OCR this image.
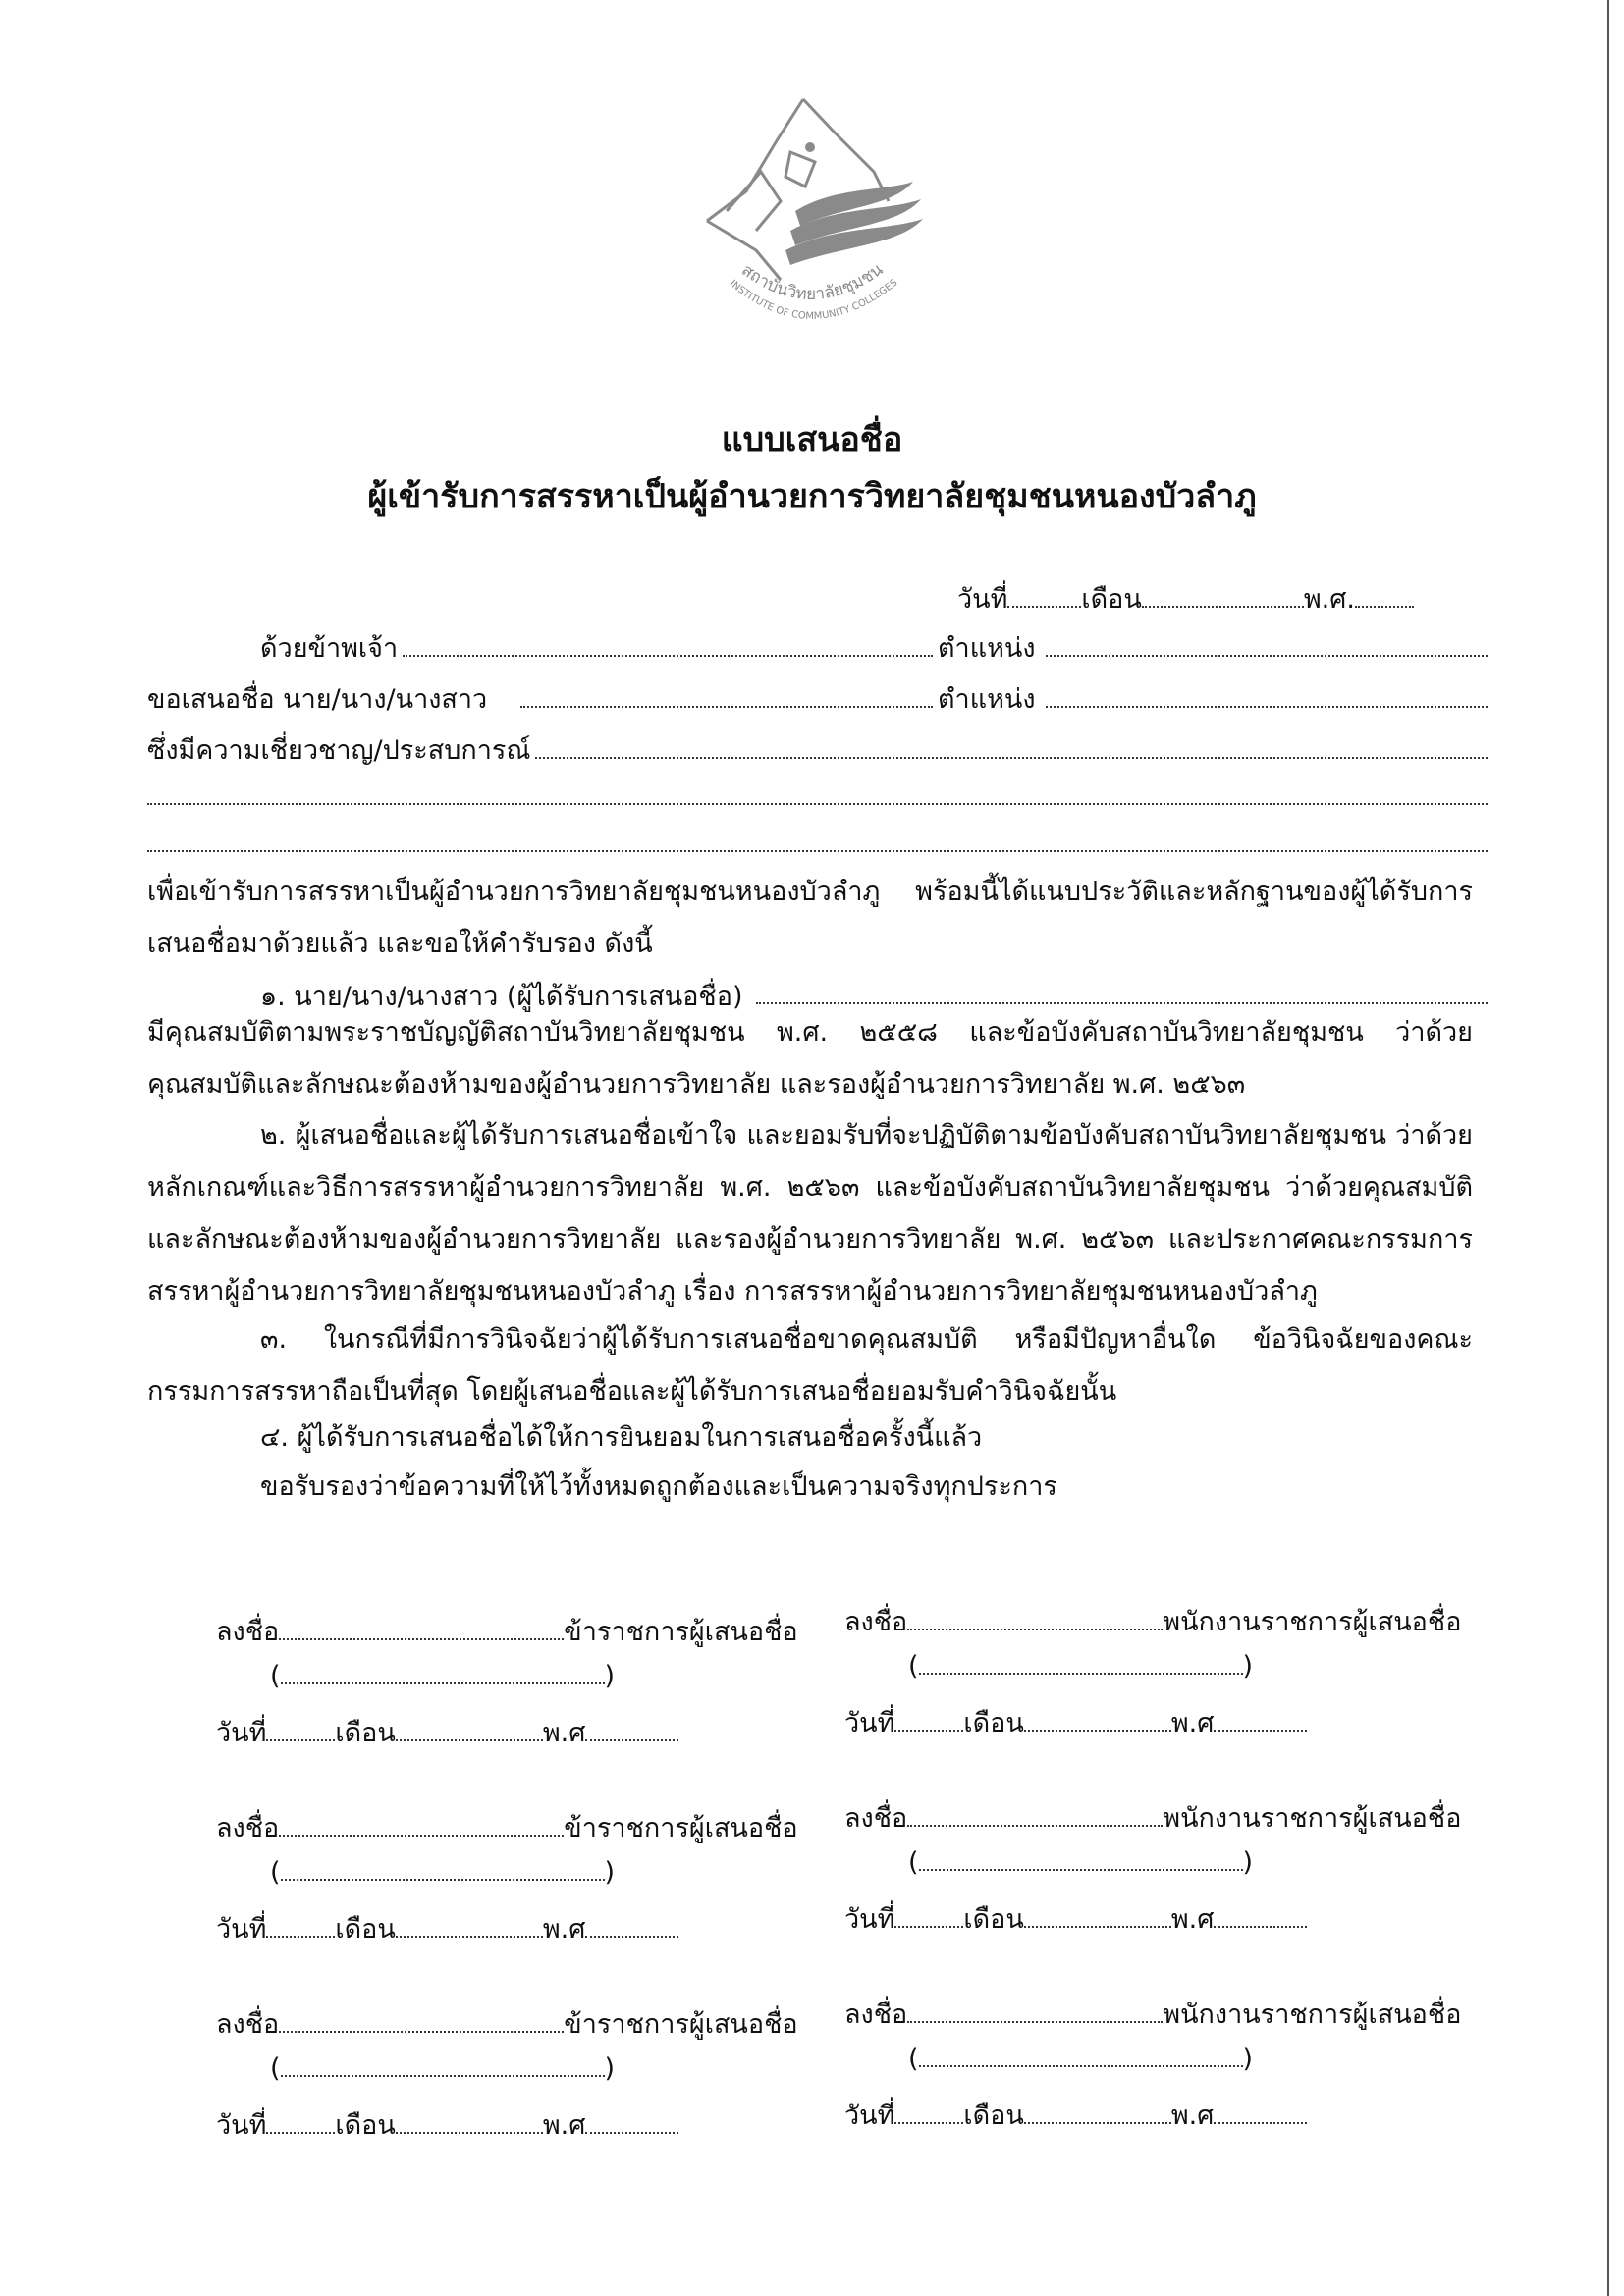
สถาบันวิทยาลัยชุมชน
INSTITUTE OF COMMUNITY COLLEGES
แบบเสนอชื่อ
ผู้เข้ารับการสรรหาเป็นผู้อำนวยการวิทยาลัยชุมชนหนองบัวลำภู
วันที่	เดือน	พ.ศ.
ด้วยข้าพเจ้า	ตำแหน่ง
ขอเสนอชื่อ นาย/นาง/นางสาว	ตำแหน่ง
ซึ่งมีความเชี่ยวชาญ/ประสบการณ์
เพื่อเข้ารับการสรรหาเป็นผู้อำนวยการวิทยาลัยชุมชนหนองบัวลำภู พร้อมนี้ได้แนบประวัติและหลักฐานของผู้ได้รับการเสนอชื่อมาด้วยแล้ว และขอให้คำรับรอง ดังนี้
๑. นาย/นาง/นางสาว (ผู้ได้รับการเสนอชื่อ)
มีคุณสมบัติตามพระราชบัญญัติสถาบันวิทยาลัยชุมชน พ.ศ. ๒๕๕๘ และข้อบังคับสถาบันวิทยาลัยชุมชน ว่าด้วยคุณสมบัติและลักษณะต้องห้ามของผู้อำนวยการวิทยาลัย และรองผู้อำนวยการวิทยาลัย พ.ศ. ๒๕๖๓
๒. ผู้เสนอชื่อและผู้ได้รับการเสนอชื่อเข้าใจ และยอมรับที่จะปฏิบัติตามข้อบังคับสถาบันวิทยาลัยชุมชน ว่าด้วยหลักเกณฑ์และวิธีการสรรหาผู้อำนวยการวิทยาลัย พ.ศ. ๒๕๖๓ และข้อบังคับสถาบันวิทยาลัยชุมชน ว่าด้วยคุณสมบัติและลักษณะต้องห้ามของผู้อำนวยการวิทยาลัย และรองผู้อำนวยการวิทยาลัย พ.ศ. ๒๕๖๓ และประกาศคณะกรรมการสรรหาผู้อำนวยการวิทยาลัยชุมชนหนองบัวลำภู เรื่อง การสรรหาผู้อำนวยการวิทยาลัยชุมชนหนองบัวลำภู
๓. ในกรณีที่มีการวินิจฉัยว่าผู้ได้รับการเสนอชื่อขาดคุณสมบัติ หรือมีปัญหาอื่นใด ข้อวินิจฉัยของคณะกรรมการสรรหาถือเป็นที่สุด โดยผู้เสนอชื่อและผู้ได้รับการเสนอชื่อยอมรับคำวินิจฉัยนั้น
๔. ผู้ได้รับการเสนอชื่อได้ให้การยินยอมในการเสนอชื่อครั้งนี้แล้ว
ขอรับรองว่าข้อความที่ให้ไว้ทั้งหมดถูกต้องและเป็นความจริงทุกประการ
ลงชื่อ	ข้าราชการผู้เสนอชื่อ
(	)
วันที่	เดือน	พ.ศ
ลงชื่อ	ข้าราชการผู้เสนอชื่อ
(	)
วันที่	เดือน	พ.ศ
ลงชื่อ	ข้าราชการผู้เสนอชื่อ
(	)
วันที่	เดือน	พ.ศ
ลงชื่อ	พนักงานราชการผู้เสนอชื่อ
(	)
วันที่	เดือน	พ.ศ
ลงชื่อ	พนักงานราชการผู้เสนอชื่อ
(	)
วันที่	เดือน	พ.ศ
ลงชื่อ	พนักงานราชการผู้เสนอชื่อ
(	)
วันที่	เดือน	พ.ศ
